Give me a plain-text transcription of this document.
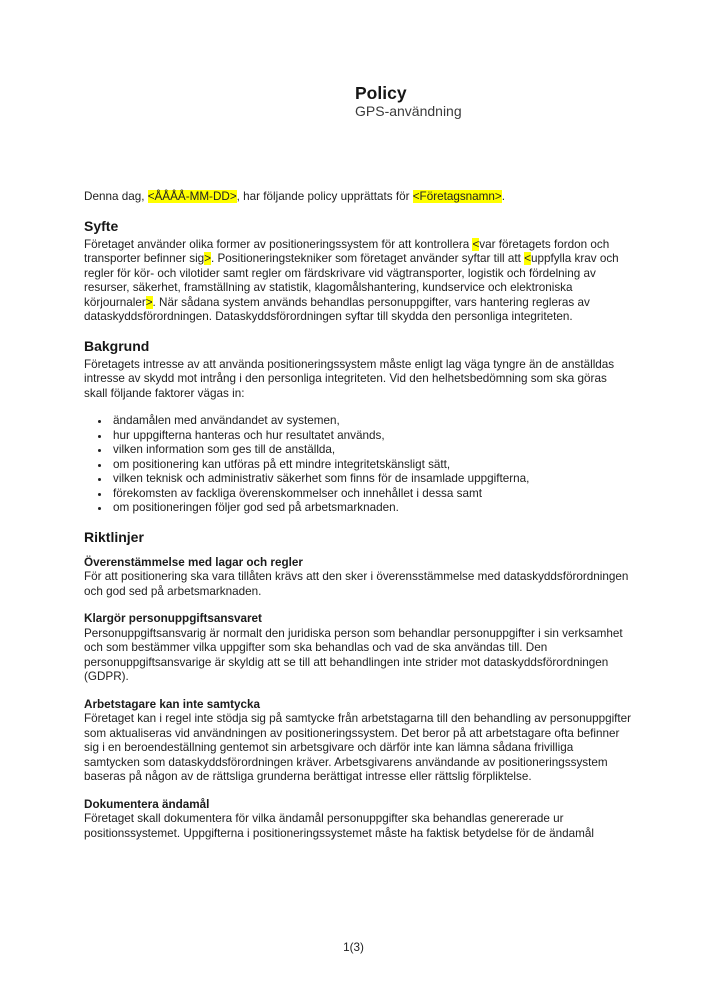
Policy
GPS-användning

Denna dag, <ÅÅÅÅ-MM-DD>, har följande policy upprättats för <Företagsnamn>.

Syfte

Företaget använder olika former av positioneringssystem för att kontrollera <var företagets fordon och transporter befinner sig>. Positioneringstekniker som företaget använder syftar till att <uppfylla krav och regler för kör- och vilotider samt regler om färdskrivare vid vägtransporter, logistik och fördelning av resurser, säkerhet, framställning av statistik, klagomålshantering, kundservice och elektroniska körjournaler>. När sådana system används behandlas personuppgifter, vars hantering regleras av dataskyddsförordningen. Dataskyddsförordningen syftar till skydda den personliga integriteten.

Bakgrund

Företagets intresse av att använda positioneringssystem måste enligt lag väga tyngre än de anställdas intresse av skydd mot intrång i den personliga integriteten. Vid den helhetsbedömning som ska göras skall följande faktorer vägas in:

• ändamålen med användandet av systemen,
• hur uppgifterna hanteras och hur resultatet används,
• vilken information som ges till de anställda,
• om positionering kan utföras på ett mindre integritetskänsligt sätt,
• vilken teknisk och administrativ säkerhet som finns för de insamlade uppgifterna,
• förekomsten av fackliga överenskommelser och innehållet i dessa samt
• om positioneringen följer god sed på arbetsmarknaden.
Riktlinjer
Överenstämmelse med lagar och regler

För att positionering ska vara tillåten krävs att den sker i överensstämmelse med dataskyddsförordningen och god sed på arbetsmarknaden.

Klargör personuppgiftsansvaret

Personuppgiftsansvarig är normalt den juridiska person som behandlar personuppgifter i sin verksamhet och som bestämmer vilka uppgifter som ska behandlas och vad de ska användas till. Den personuppgiftsansvarige är skyldig att se till att behandlingen inte strider mot dataskyddsförordningen (GDPR).

Arbetstagare kan inte samtycka

Företaget kan i regel inte stödja sig på samtycke från arbetstagarna till den behandling av personuppgifter som aktualiseras vid användningen av positioneringssystem. Det beror på att arbetstagare ofta befinner sig i en beroendeställning gentemot sin arbetsgivare och därför inte kan lämna sådana frivilliga samtycken som dataskyddsförordningen kräver. Arbetsgivarens användande av positioneringssystem baseras på någon av de rättsliga grunderna berättigat intresse eller rättslig förpliktelse.

Dokumentera ändamål

Företaget skall dokumentera för vilka ändamål personuppgifter ska behandlas genererade ur positionssystemet. Uppgifterna i positioneringssystemet måste ha faktisk betydelse för de ändamål

1(3)
